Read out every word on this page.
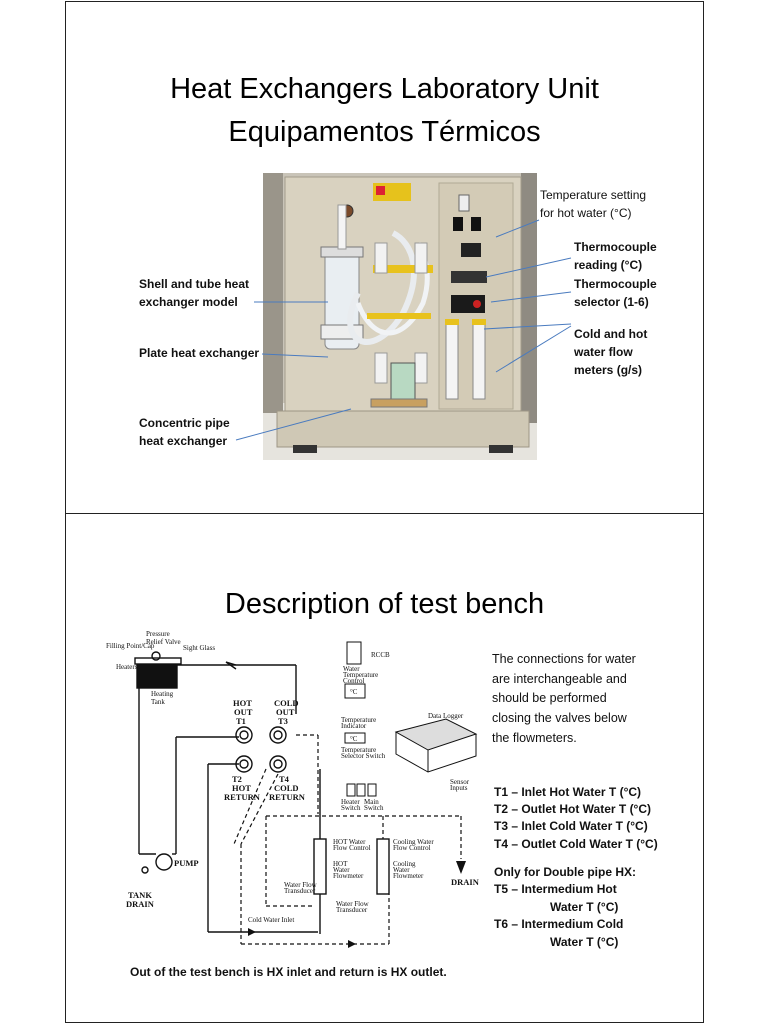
Heat Exchangers Laboratory Unit
Equipamentos Térmicos
Shell and tube heat
exchanger model
Plate heat exchanger
Concentric pipe
heat exchanger
Temperature setting
for hot water (°C)
Thermocouple
reading (°C)
Thermocouple
selector (1-6)
Cold and hot
water flow
meters (g/s)
Description of test bench
Filling Point/Cap
Pressure
Relief Valve
Sight Glass
Heaters
Heating
Tank	HOT
OUT
T1
COLD
OUT
T3
T2
HOT
RETURN
T4
COLD
RETURN
RCCB
Water
Temperature
Control
°C
Temperature
Indicator
°C
Temperature
Selector Switch
Heater
Switch
Main
Switch
Data Logger
Sensor
Inputs
PUMP
TANK
DRAIN
DRAIN
HOT Water
Flow Control
HOT
Water
Flowmeter
Cooling Water
Flow Control
Cooling
Water
Flowmeter
Water Flow
Transducer
Water Flow
Transducer
Cold Water Inlet
The connections for water
are interchangeable and
should be performed
closing the valves below
the flowmeters.
T1 – Inlet Hot Water T (°C)
T2 – Outlet Hot Water T (°C)
T3 – Inlet Cold Water T (°C)
T4 – Outlet Cold Water T (°C)
Only for Double pipe HX:
T5 – Intermedium Hot
Water T (°C)
T6 – Intermedium Cold
Water T (°C)
Out of the test bench is HX inlet and return is HX outlet.
